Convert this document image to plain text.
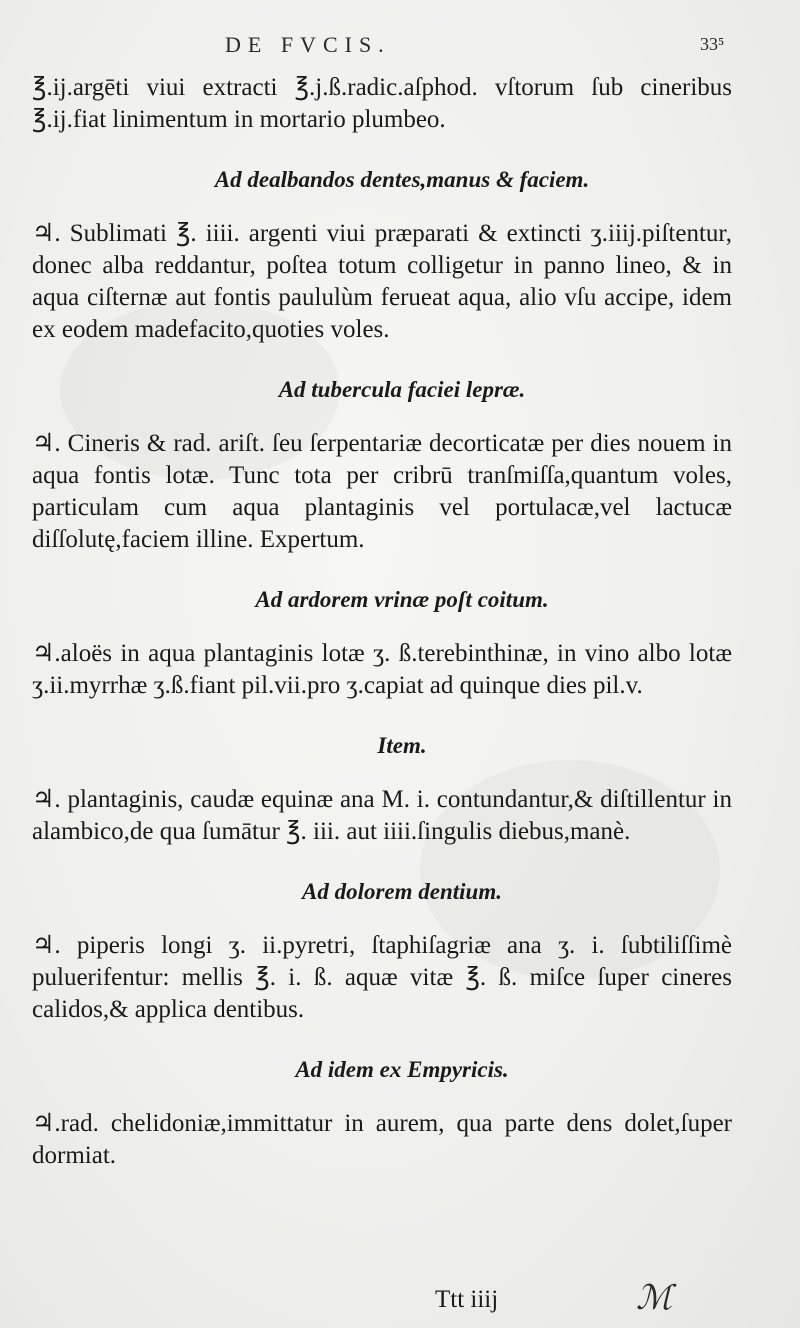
DE FVCIS.	33⁵

℥.ij.argēti viui extracti ℥.j.ß.radic.aſphod. vſtorum ſub cineribus ℥.ij.fiat linimentum in mortario plumbeo.

Ad dealbandos dentes,manus & faciem.

♃. Sublimati ℥. iiii. argenti viui præparati & extincti ʒ.iiij.piſtentur, donec alba reddantur, poſtea totum colligetur in panno lineo, & in aqua ciſternæ aut fontis paululùm ferueat aqua, alio vſu accipe, idem ex eodem madefacito,quoties voles.

Ad tubercula faciei lepræ.

♃. Cineris & rad. ariſt. ſeu ſerpentariæ decorticatæ per dies nouem in aqua fontis lotæ. Tunc tota per cribrū tranſmiſſa,quantum voles, particulam cum aqua plantaginis vel portulacæ,vel lactucæ diſſolutę,faciem illine. Expertum.

Ad ardorem vrinæ poſt coitum.

♃.aloës in aqua plantaginis lotæ ʒ. ß.terebinthinæ, in vino albo lotæ ʒ.ii.myrrhæ ʒ.ß.fiant pil.vii.pro ʒ.capiat ad quinque dies pil.v.

Item.

♃. plantaginis, caudæ equinæ ana M. i. contundantur,& diſtillentur in alambico,de qua ſumātur ℥. iii. aut iiii.ſingulis diebus,manè.

Ad dolorem dentium.

♃. piperis longi ʒ. ii.pyretri, ſtaphiſagriæ ana ʒ. i. ſubtiliſſimè puluerifentur: mellis ℥. i. ß. aquæ vitæ ℥. ß. miſce ſuper cineres calidos,& applica dentibus.

Ad idem ex Empyricis.

♃.rad. chelidoniæ,immittatur in aurem, qua parte dens dolet,ſuper dormiat.

Ttt iiij	ℳ
